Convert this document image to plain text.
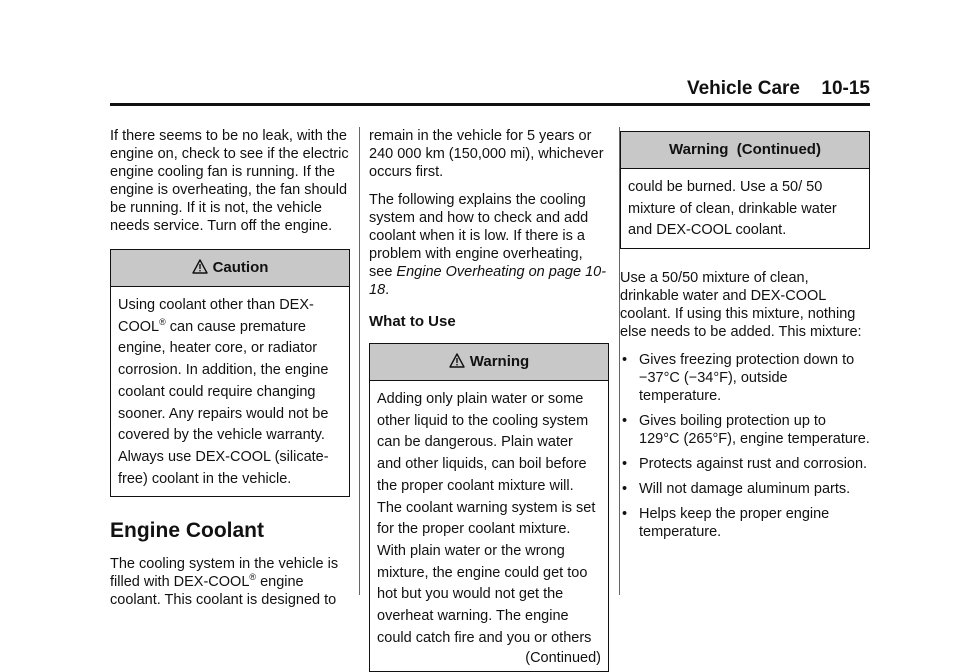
Vehicle Care 10-15

If there seems to be no leak, with the engine on, check to see if the electric engine cooling fan is running. If the engine is overheating, the fan should be running. If it is not, the vehicle needs service. Turn off the engine.

Caution
Using coolant other than DEX-COOL® can cause premature engine, heater core, or radiator corrosion. In addition, the engine coolant could require changing sooner. Any repairs would not be covered by the vehicle warranty. Always use DEX-COOL (silicate-free) coolant in the vehicle.
Engine Coolant

The cooling system in the vehicle is filled with DEX-COOL® engine coolant. This coolant is designed to

remain in the vehicle for 5 years or 240 000 km (150,000 mi), whichever occurs first.

The following explains the cooling system and how to check and add coolant when it is low. If there is a problem with engine overheating, see Engine Overheating on page 10-18.

What to Use
Warning
Adding only plain water or some other liquid to the cooling system can be dangerous. Plain water and other liquids, can boil before the proper coolant mixture will. The coolant warning system is set for the proper coolant mixture. With plain water or the wrong mixture, the engine could get too hot but you would not get the overheat warning. The engine could catch fire and you or others
(Continued)
Warning  (Continued)
could be burned. Use a 50/ 50 mixture of clean, drinkable water and DEX-COOL coolant.

Use a 50/50 mixture of clean, drinkable water and DEX-COOL coolant. If using this mixture, nothing else needs to be added. This mixture:

• Gives freezing protection down to −37°C (−34°F), outside temperature.
• Gives boiling protection up to 129°C (265°F), engine temperature.
• Protects against rust and corrosion.
• Will not damage aluminum parts.
• Helps keep the proper engine temperature.
